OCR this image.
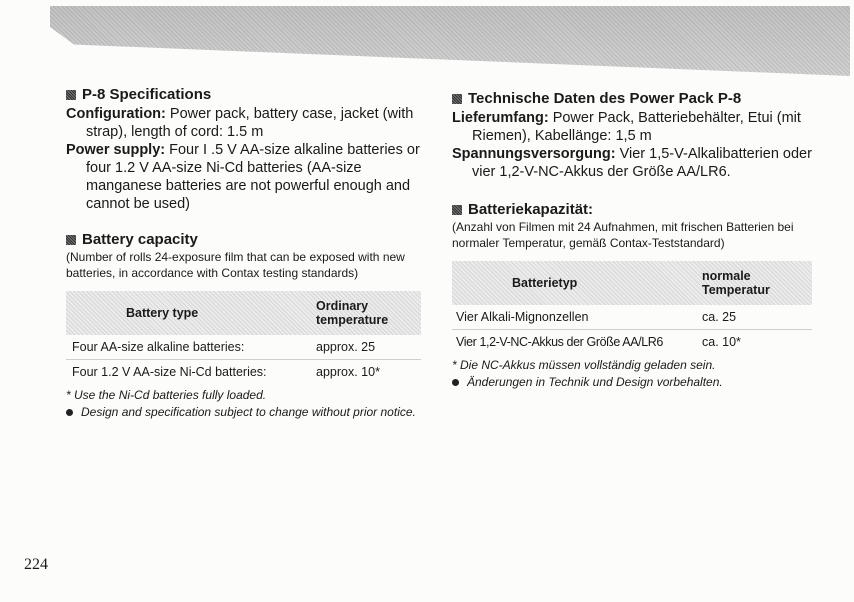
P-8 Specifications

Configuration: Power pack, battery case, jacket (with strap), length of cord: 1.5 m

Power supply: Four I .5 V AA-size alkaline batteries or four 1.2 V AA-size Ni-Cd batteries (AA-size manganese batteries are not powerful enough and cannot be used)

Battery capacity

(Number of rolls 24-exposure film that can be exposed with new batteries, in accordance with Contax testing standards)

Battery type	Ordinary temperature
Four AA-size alkaline batteries:	approx. 25
Four 1.2 V AA-size Ni-Cd batteries:	approx. 10*

* Use the Ni-Cd batteries fully loaded.

Design and specification subject to change without prior notice.
Technische Daten des Power Pack P-8

Lieferumfang: Power Pack, Batteriebehälter, Etui (mit Riemen), Kabellänge: 1,5 m

Spannungsversorgung: Vier 1,5-V-Alkalibatterien oder vier 1,2-V-NC-Akkus der Größe AA/LR6.

Batteriekapazität:

(Anzahl von Filmen mit 24 Aufnahmen, mit frischen Batterien bei normaler Temperatur, gemäß Contax-Teststandard)

Batterietyp	normale Temperatur
Vier Alkali-Mignonzellen	ca. 25
Vier 1,2-V-NC-Akkus der Größe AA/LR6	ca. 10*

* Die NC-Akkus müssen vollständig geladen sein.

Änderungen in Technik und Design vorbehalten.
224
